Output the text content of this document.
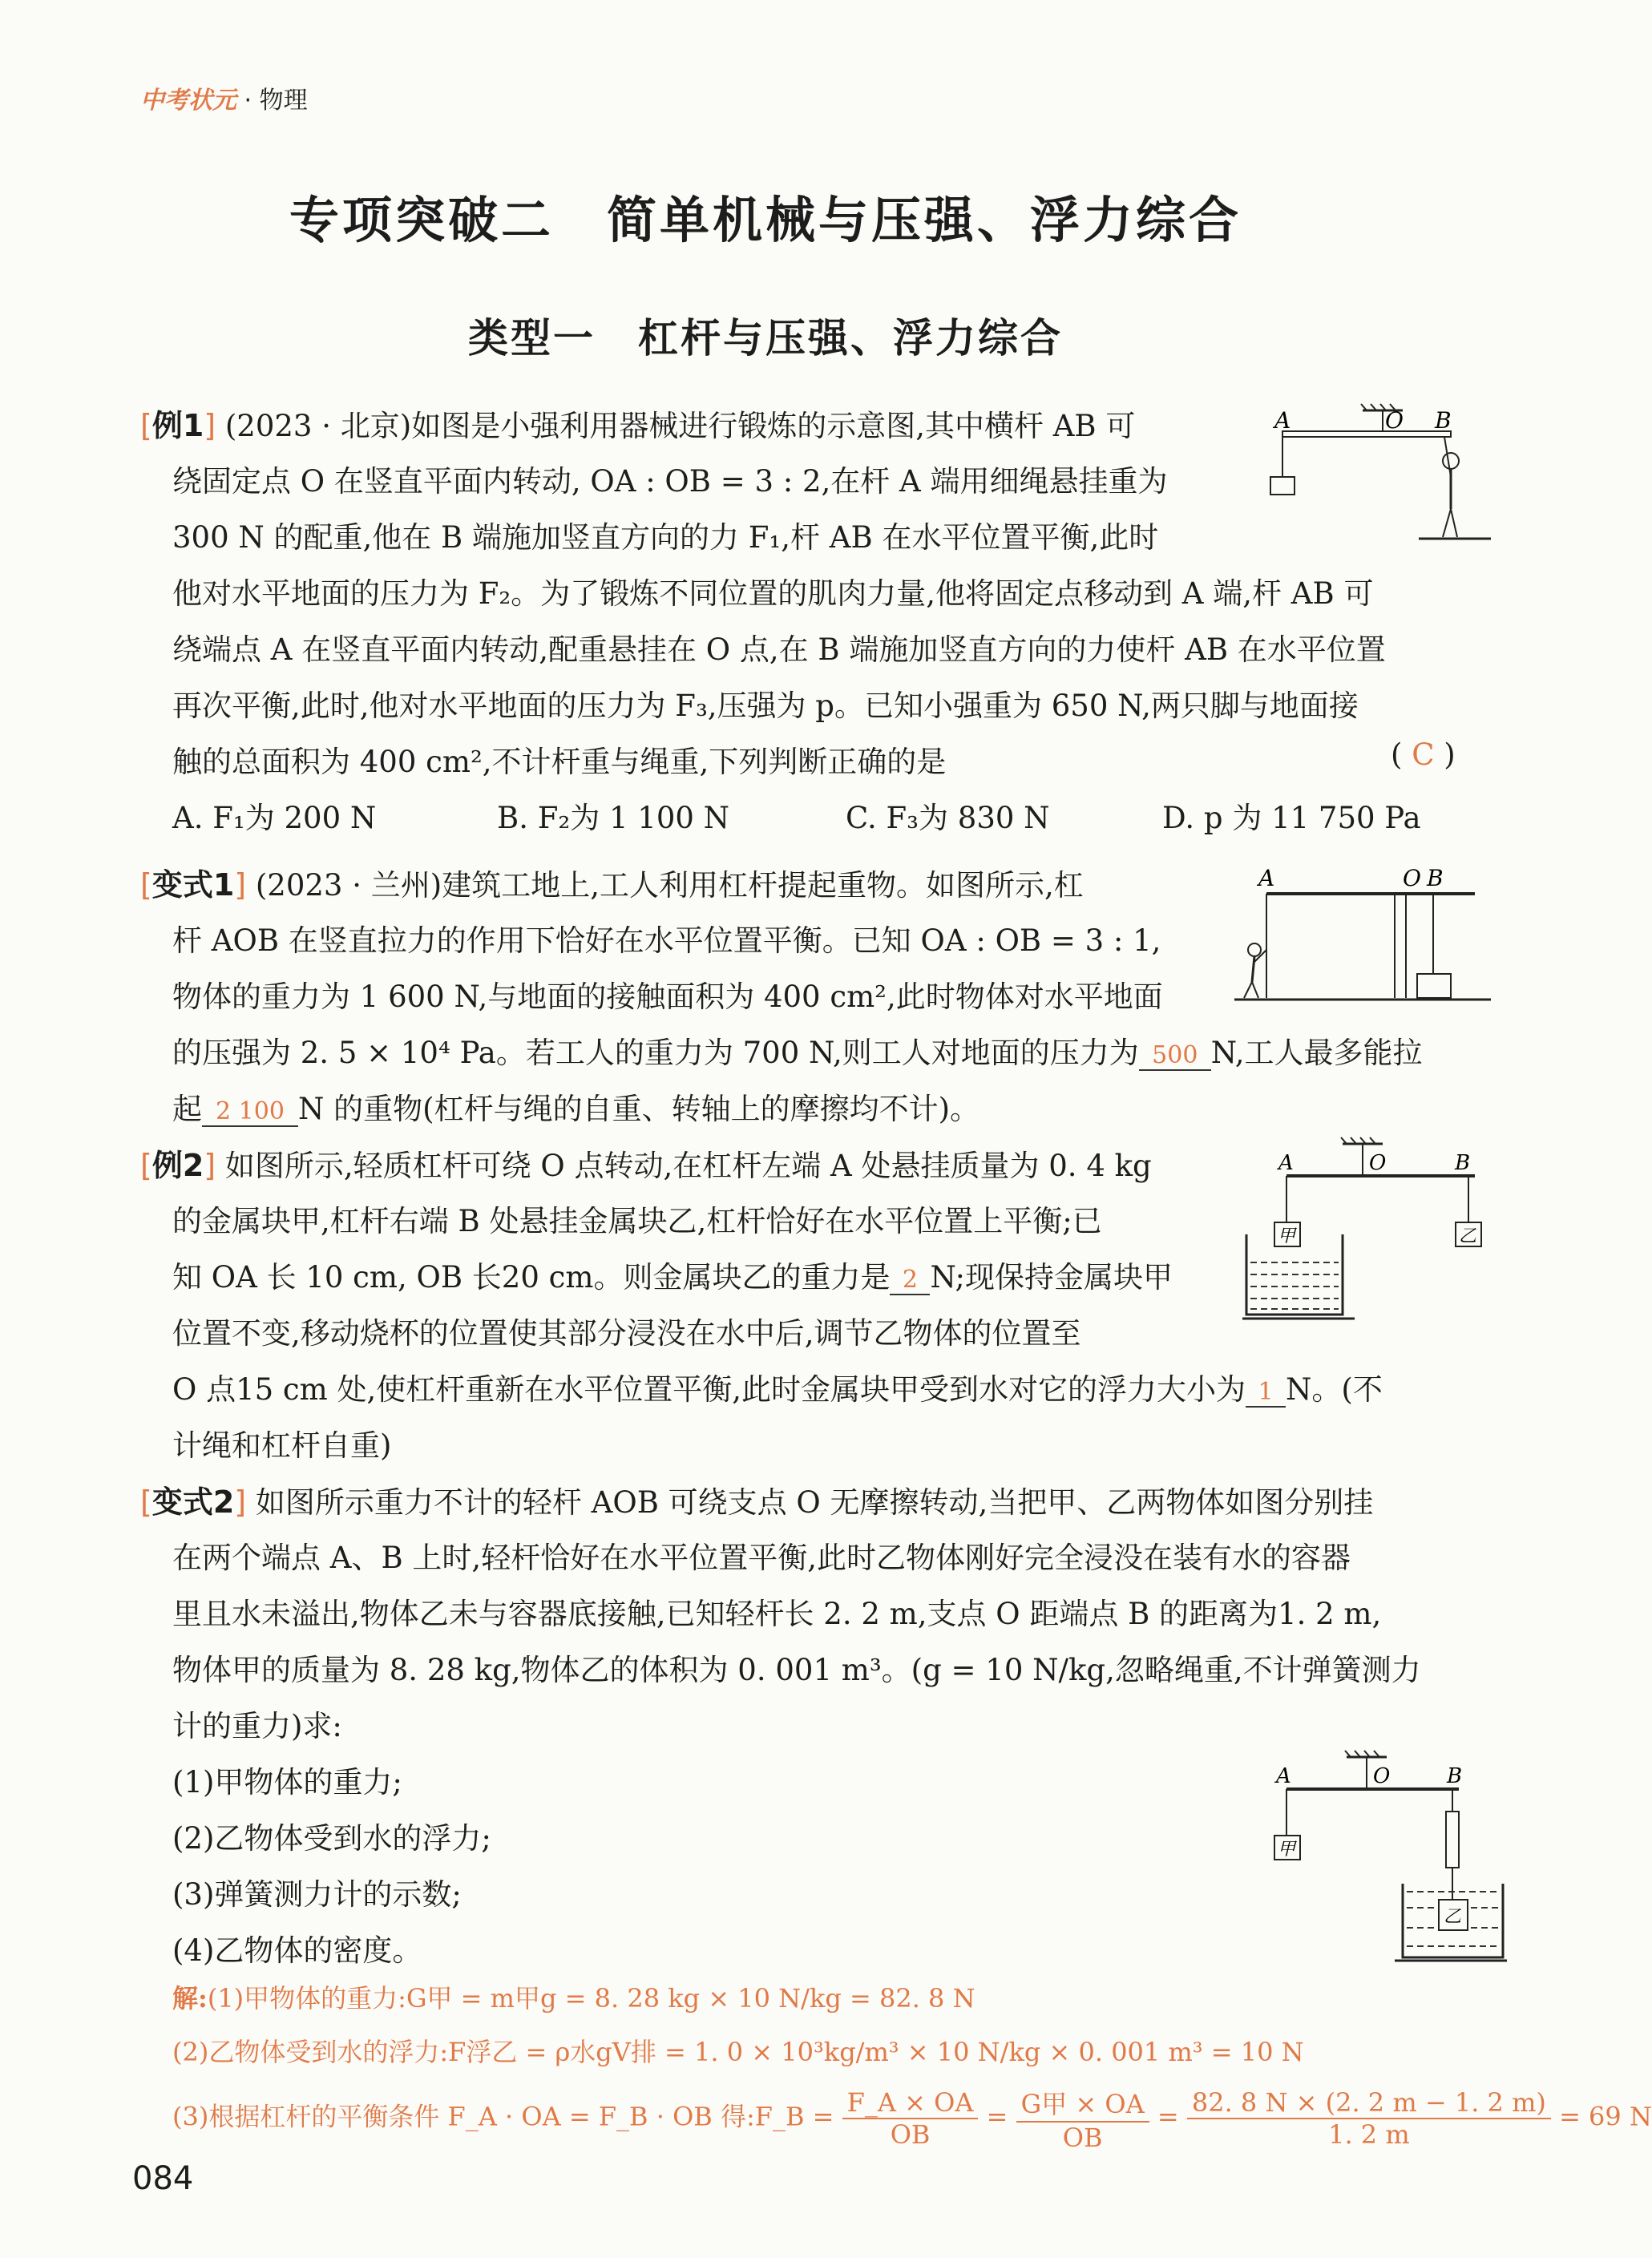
中考状元 · 物理
专项突破二　简单机械与压强、浮力综合
类型一　杠杆与压强、浮力综合
[例1] (2023 · 北京)如图是小强利用器械进行锻炼的示意图,其中横杆 AB 可
绕固定点 O 在竖直平面内转动, OA : OB = 3 : 2,在杆 A 端用细绳悬挂重为
300 N 的配重,他在 B 端施加竖直方向的力 F₁,杆 AB 在水平位置平衡,此时
他对水平地面的压力为 F₂。为了锻炼不同位置的肌肉力量,他将固定点移动到 A 端,杆 AB 可
绕端点 A 在竖直平面内转动,配重悬挂在 O 点,在 B 端施加竖直方向的力使杆 AB 在水平位置
再次平衡,此时,他对水平地面的压力为 F₃,压强为 p。已知小强重为 650 N,两只脚与地面接
触的总面积为 400 cm²,不计杆重与绳重,下列判断正确的是	( C )
A. F₁为 200 N	B. F₂为 1 100 N	C. F₃为 830 N	D. p 为 11 750 Pa
A	O B
[变式1] (2023 · 兰州)建筑工地上,工人利用杠杆提起重物。如图所示,杠
杆 AOB 在竖直拉力的作用下恰好在水平位置平衡。已知 OA : OB = 3 : 1,
物体的重力为 1 600 N,与地面的接触面积为 400 cm²,此时物体对水平地面
的压强为 2. 5 × 10⁴ Pa。若工人的重力为 700 N,则工人对地面的压力为 500 N,工人最多能拉
起 2 100 N 的重物(杠杆与绳的自重、转轴上的摩擦均不计)。
A	O B
[例2] 如图所示,轻质杠杆可绕 O 点转动,在杠杆左端 A 处悬挂质量为 0. 4 kg
的金属块甲,杠杆右端 B 处悬挂金属块乙,杠杆恰好在水平位置上平衡;已
知 OA 长 10 cm, OB 长20 cm。则金属块乙的重力是 2 N;现保持金属块甲
位置不变,移动烧杯的位置使其部分浸没在水中后,调节乙物体的位置至
O 点15 cm 处,使杠杆重新在水平位置平衡,此时金属块甲受到水对它的浮力大小为 1 N。(不
计绳和杠杆自重)
A	O	B
甲	乙
[变式2] 如图所示重力不计的轻杆 AOB 可绕支点 O 无摩擦转动,当把甲、乙两物体如图分别挂
在两个端点 A、B 上时,轻杆恰好在水平位置平衡,此时乙物体刚好完全浸没在装有水的容器
里且水未溢出,物体乙未与容器底接触,已知轻杆长 2. 2 m,支点 O 距端点 B 的距离为1. 2 m,
物体甲的质量为 8. 28 kg,物体乙的体积为 0. 001 m³。(g = 10 N/kg,忽略绳重,不计弹簧测力
计的重力)求:
(1)甲物体的重力;
(2)乙物体受到水的浮力;
(3)弹簧测力计的示数;
(4)乙物体的密度。
解:(1)甲物体的重力:G甲 = m甲g = 8. 28 kg × 10 N/kg = 82. 8 N
(2)乙物体受到水的浮力:F浮乙 = ρ水gV排 = 1. 0 × 10³kg/m³ × 10 N/kg × 0. 001 m³ = 10 N
(3)根据杠杆的平衡条件 F_A · OA = F_B · OB 得:F_B = $\frac{F\_A \times OA}{OB} = \frac{\text{G甲 × OA}}{OB} = \frac{82. 8 N \times (2. 2 m - 1. 2 m)}{1. 2 m} = 69$ N
A	O	B
甲
乙
084
